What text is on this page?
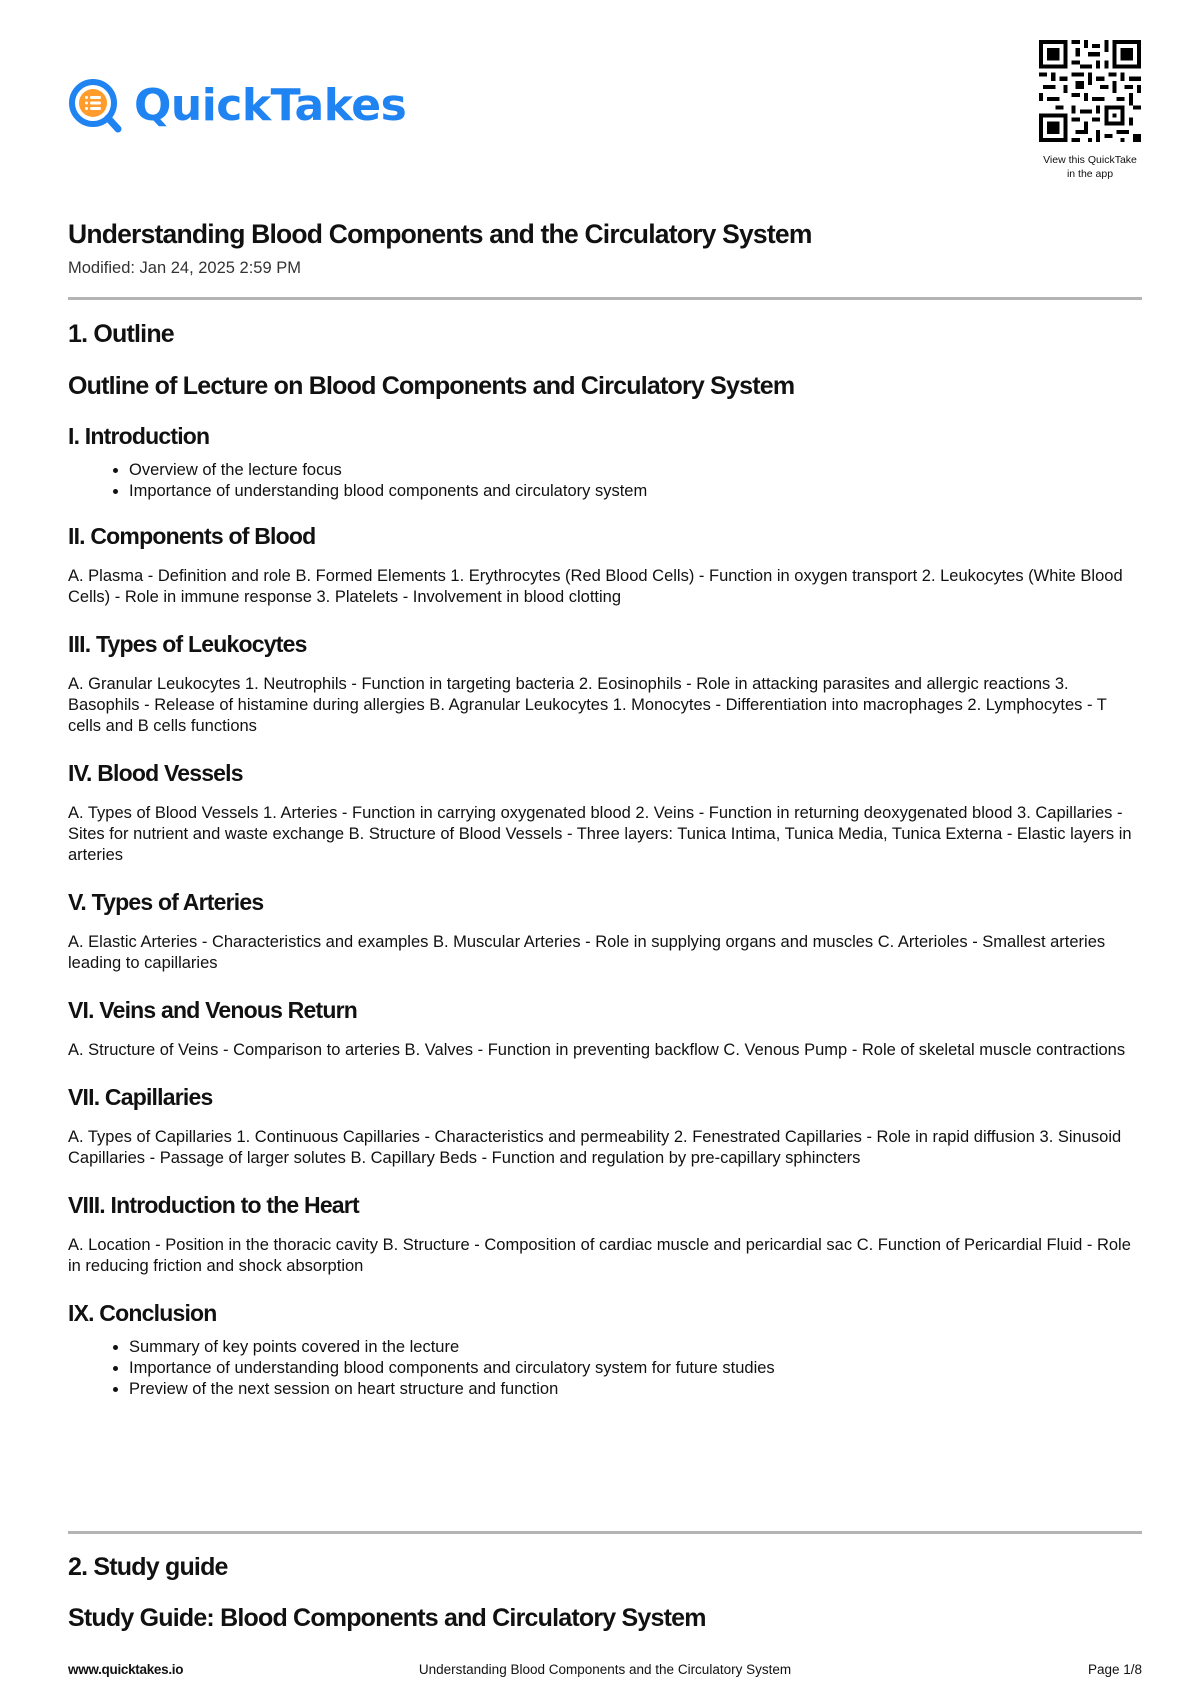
QuickTakes
View this QuickTake
in the app
Understanding Blood Components and the Circulatory System
Modified: Jan 24, 2025 2:59 PM
1. Outline
Outline of Lecture on Blood Components and Circulatory System
I. Introduction
• Overview of the lecture focus
• Importance of understanding blood components and circulatory system
II. Components of Blood

A. Plasma - Definition and role B. Formed Elements 1. Erythrocytes (Red Blood Cells) - Function in oxygen transport 2. Leukocytes (White Blood Cells) - Role in immune response 3. Platelets - Involvement in blood clotting

III. Types of Leukocytes

A. Granular Leukocytes 1. Neutrophils - Function in targeting bacteria 2. Eosinophils - Role in attacking parasites and allergic reactions 3. Basophils - Release of histamine during allergies B. Agranular Leukocytes 1. Monocytes - Differentiation into macrophages 2. Lymphocytes - T cells and B cells functions

IV. Blood Vessels

A. Types of Blood Vessels 1. Arteries - Function in carrying oxygenated blood 2. Veins - Function in returning deoxygenated blood 3. Capillaries - Sites for nutrient and waste exchange B. Structure of Blood Vessels - Three layers: Tunica Intima, Tunica Media, Tunica Externa - Elastic layers in arteries

V. Types of Arteries

A. Elastic Arteries - Characteristics and examples B. Muscular Arteries - Role in supplying organs and muscles C. Arterioles - Smallest arteries leading to capillaries

VI. Veins and Venous Return

A. Structure of Veins - Comparison to arteries B. Valves - Function in preventing backflow C. Venous Pump - Role of skeletal muscle contractions

VII. Capillaries

A. Types of Capillaries 1. Continuous Capillaries - Characteristics and permeability 2. Fenestrated Capillaries - Role in rapid diffusion 3. Sinusoid Capillaries - Passage of larger solutes B. Capillary Beds - Function and regulation by pre-capillary sphincters

VIII. Introduction to the Heart

A. Location - Position in the thoracic cavity B. Structure - Composition of cardiac muscle and pericardial sac C. Function of Pericardial Fluid - Role in reducing friction and shock absorption

IX. Conclusion
• Summary of key points covered in the lecture
• Importance of understanding blood components and circulatory system for future studies
• Preview of the next session on heart structure and function
2. Study guide
Study Guide: Blood Components and Circulatory System
www.quicktakes.io	Understanding Blood Components and the Circulatory System	Page 1/8
